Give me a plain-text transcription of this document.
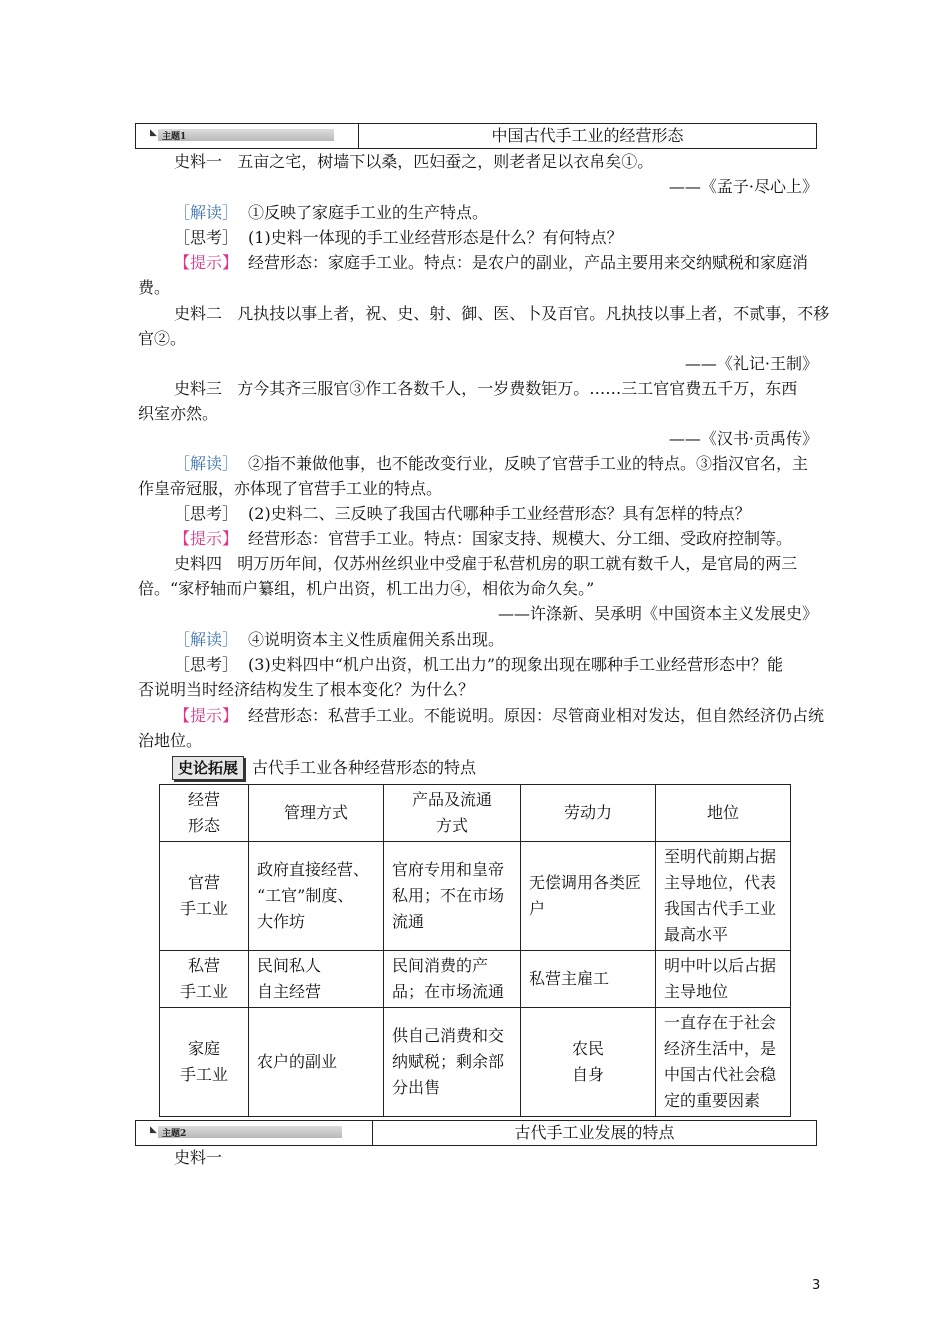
◣ 主题1	中国古代手工业的经营形态
史料一 五亩之宅，树墙下以桑，匹妇蚕之，则老者足以衣帛矣①。
——《孟子·尽心上》
［解读］ ①反映了家庭手工业的生产特点。
［思考］ (1)史料一体现的手工业经营形态是什么？有何特点？
【提示】 经营形态：家庭手工业。特点：是农户的副业，产品主要用来交纳赋税和家庭消
费。
史料二 凡执技以事上者，祝、史、射、御、医、卜及百官。凡执技以事上者，不贰事，不移
官②。
——《礼记·王制》
史料三 方今其齐三服官③作工各数千人，一岁费数钜万。……三工官官费五千万，东西
织室亦然。
——《汉书·贡禹传》
［解读］ ②指不兼做他事，也不能改变行业，反映了官营手工业的特点。③指汉官名，主
作皇帝冠服，亦体现了官营手工业的特点。
［思考］ (2)史料二、三反映了我国古代哪种手工业经营形态？具有怎样的特点？
【提示】 经营形态：官营手工业。特点：国家支持、规模大、分工细、受政府控制等。
史料四 明万历年间，仅苏州丝织业中受雇于私营机房的职工就有数千人，是官局的两三
倍。“家杼轴而户纂组，机户出资，机工出力④，相依为命久矣。”
——许涤新、吴承明《中国资本主义发展史》
［解读］ ④说明资本主义性质雇佣关系出现。
［思考］ (3)史料四中“机户出资，机工出力”的现象出现在哪种手工业经营形态中？能
否说明当时经济结构发生了根本变化？为什么？
【提示】 经营形态：私营手工业。不能说明。原因：尽管商业相对发达，但自然经济仍占统
治地位。
史论拓展 古代手工业各种经营形态的特点
经营
形态	管理方式	产品及流通
方式	劳动力	地位
官营
手工业	政府直接经营、
“工官”制度、
大作坊	官府专用和皇帝
私用；不在市场
流通	无偿调用各类匠
户	至明代前期占据
主导地位，代表
我国古代手工业
最高水平
私营
手工业	民间私人
自主经营	民间消费的产
品；在市场流通	私营主雇工	明中叶以后占据
主导地位
家庭
手工业	农户的副业	供自己消费和交
纳赋税；剩余部
分出售	农民
自身	一直存在于社会
经济生活中，是
中国古代社会稳
定的重要因素
◣ 主题2	古代手工业发展的特点
史料一
3
